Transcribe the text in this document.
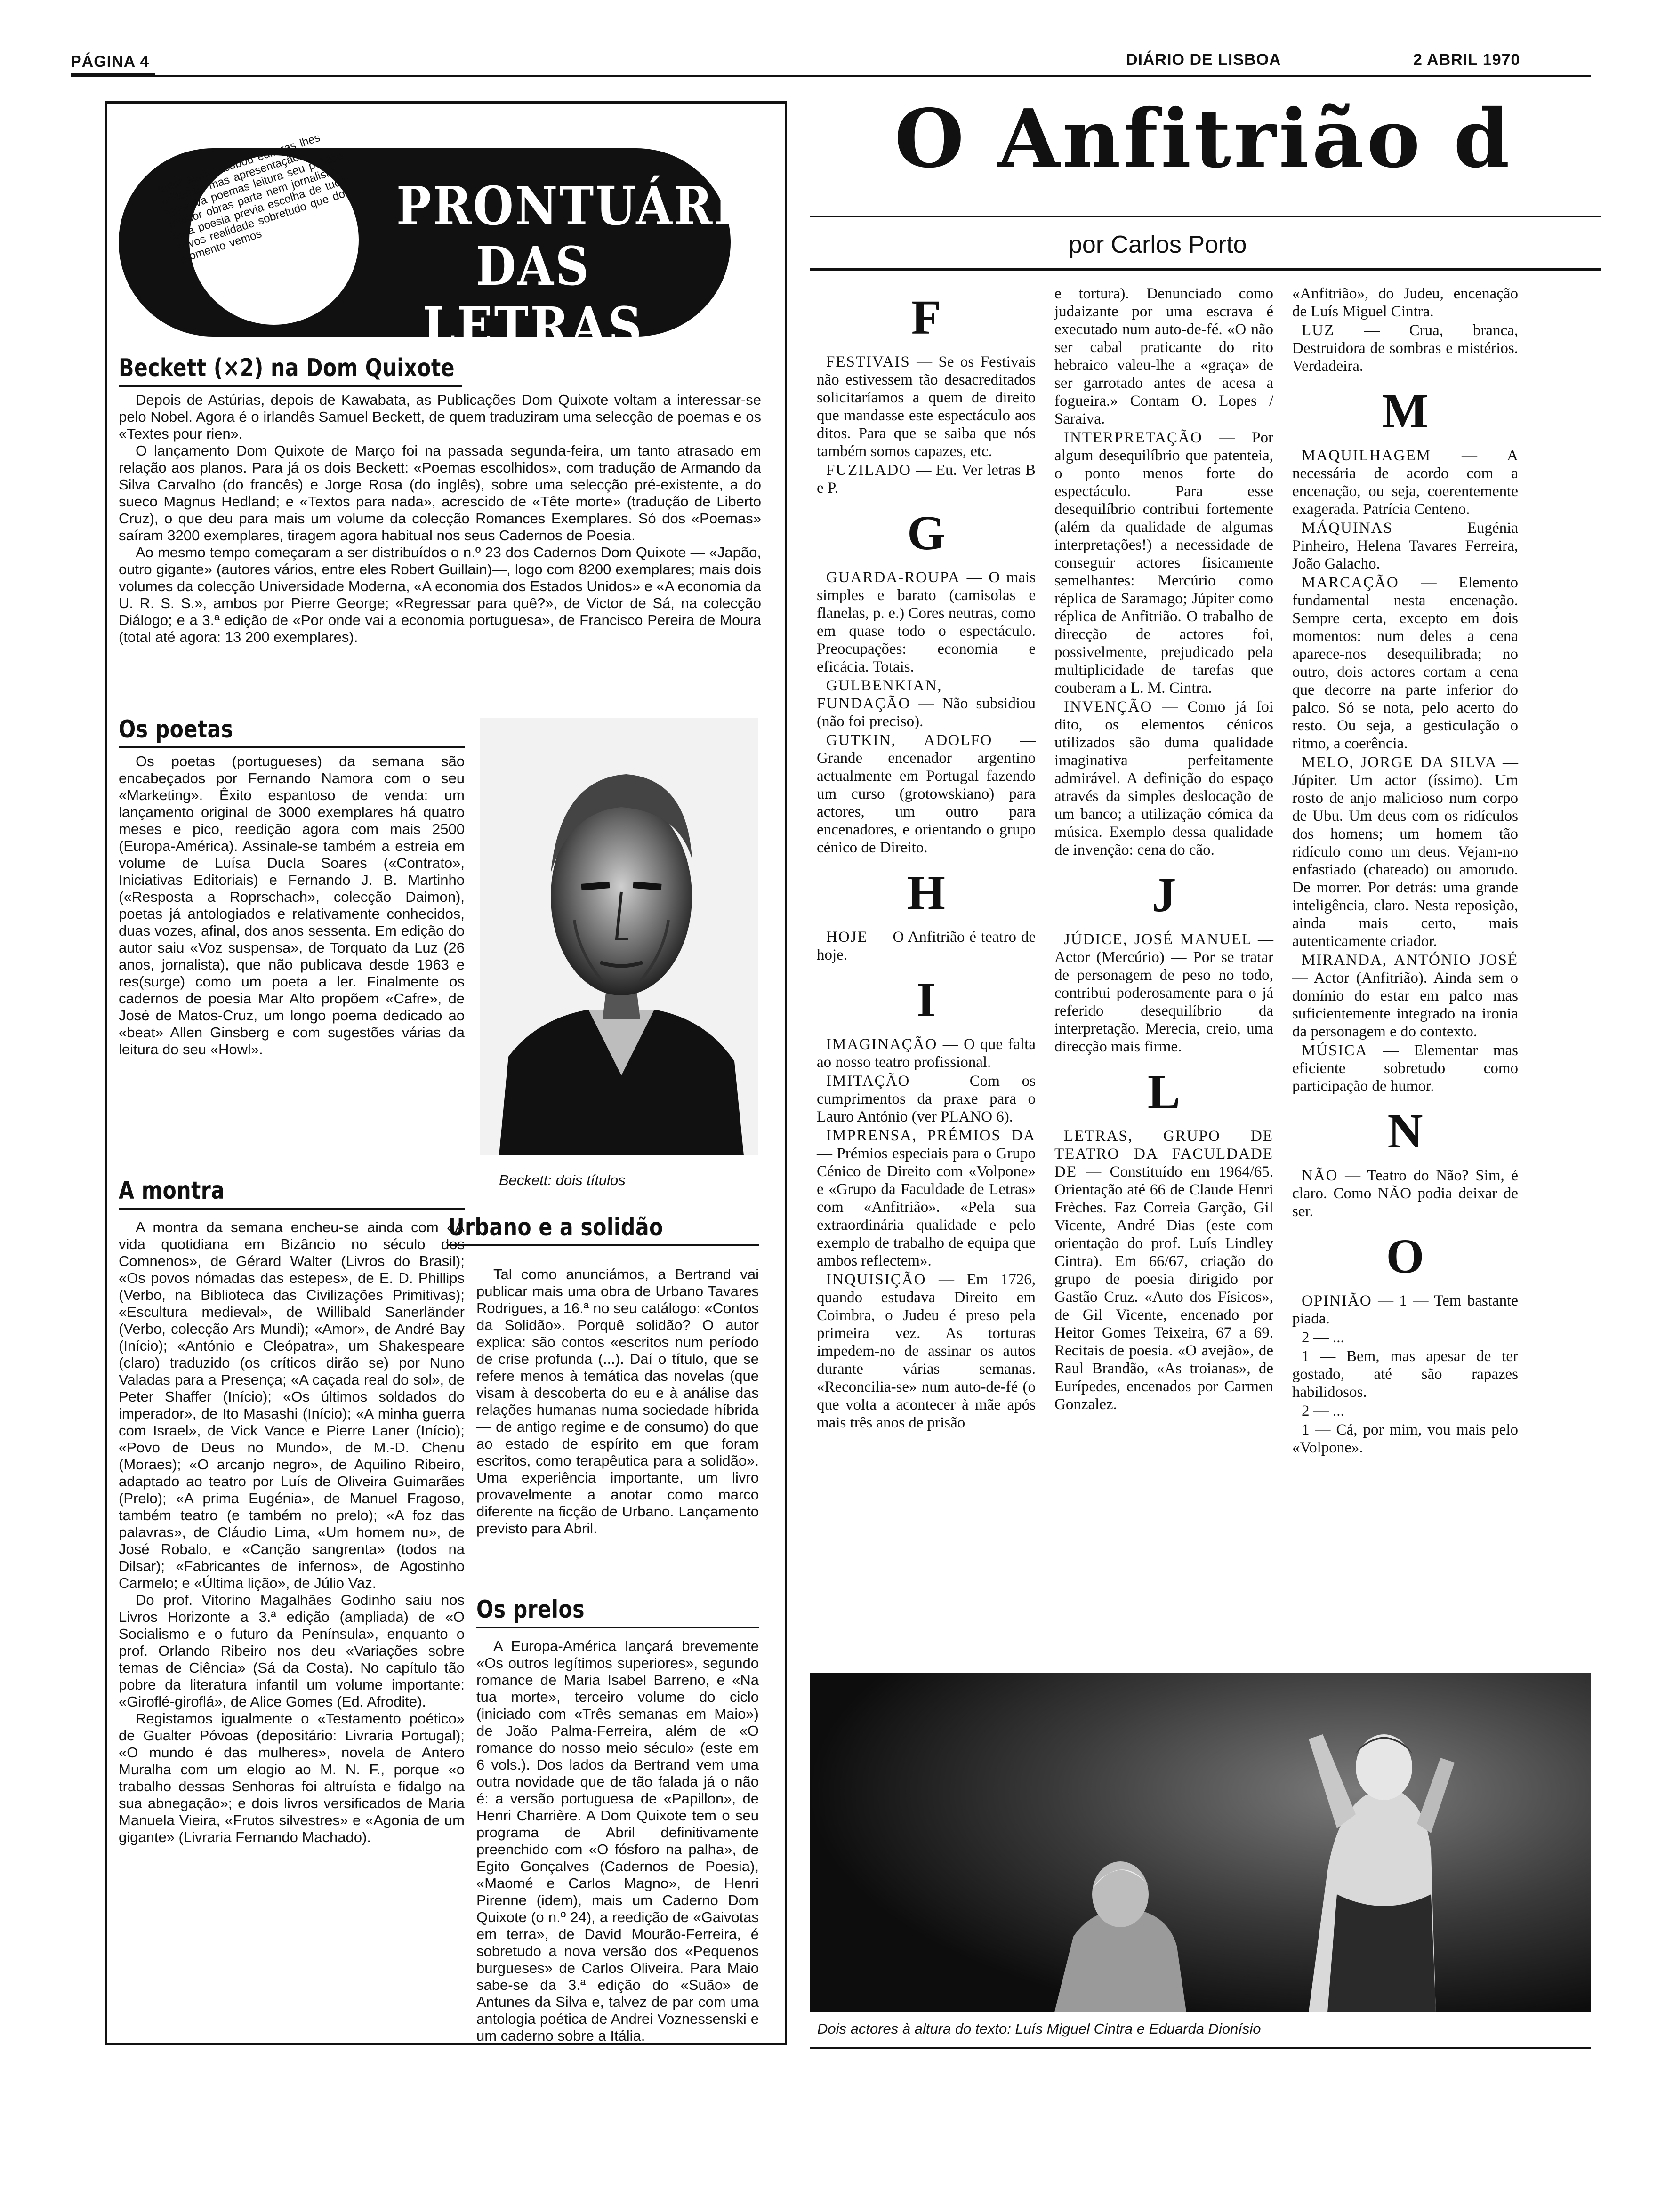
PÁGINA 4	DIÁRIO DE LISBOA	2 ABRIL 1970
autor surge acabou editoras lhes editoriais mas apresentação ignorava poemas leitura seu público melhor obras parte nem jornalistas uma poesia previa escolha de tudo novos realidade sobretudo que do momento vemos
PRONTUÁRIO
DAS LETRAS
Beckett (×2) na Dom Quixote

Depois de Astúrias, depois de Kawabata, as Publicações Dom Quixote voltam a interessar-se pelo Nobel. Agora é o irlandês Samuel Beckett, de quem traduziram uma selecção de poemas e os «Textes pour rien».

O lançamento Dom Quixote de Março foi na passada segunda-feira, um tanto atrasado em relação aos planos. Para já os dois Beckett: «Poemas escolhidos», com tradução de Armando da Silva Carvalho (do francês) e Jorge Rosa (do inglês), sobre uma selecção pré-existente, a do sueco Magnus Hedland; e «Textos para nada», acrescido de «Tête morte» (tradução de Liberto Cruz), o que deu para mais um volume da colecção Romances Exemplares. Só dos «Poemas» saíram 3200 exemplares, tiragem agora habitual nos seus Cadernos de Poesia.

Ao mesmo tempo começaram a ser distribuídos o n.º 23 dos Cadernos Dom Quixote — «Japão, outro gigante» (autores vários, entre eles Robert Guillain)—, logo com 8200 exemplares; mais dois volumes da colecção Universidade Moderna, «A economia dos Estados Unidos» e «A economia da U. R. S. S.», ambos por Pierre George; «Regressar para quê?», de Victor de Sá, na colecção Diálogo; e a 3.ª edição de «Por onde vai a economia portuguesa», de Francisco Pereira de Moura (total até agora: 13 200 exemplares).

Os poetas

Os poetas (portugueses) da semana são encabeçados por Fernando Namora com o seu «Marketing». Êxito espantoso de venda: um lançamento original de 3000 exemplares há quatro meses e pico, reedição agora com mais 2500 (Europa-América). Assinale-se também a estreia em volume de Luísa Ducla Soares («Contrato», Iniciativas Editoriais) e Fernando J. B. Martinho («Resposta a Roprschach», colecção Daimon), poetas já antologiados e relativamente conhecidos, duas vozes, afinal, dos anos sessenta. Em edição do autor saiu «Voz suspensa», de Torquato da Luz (26 anos, jornalista), que não publicava desde 1963 e res(surge) como um poeta a ler. Finalmente os cadernos de poesia Mar Alto propõem «Cafre», de José de Matos-Cruz, um longo poema dedicado ao «beat» Allen Ginsberg e com sugestões várias da leitura do seu «Howl».

Beckett: dois títulos
A montra

A montra da semana encheu-se ainda com «A vida quotidiana em Bizâncio no século dos Comnenos», de Gérard Walter (Livros do Brasil); «Os povos nómadas das estepes», de E. D. Phillips (Verbo, na Biblioteca das Civilizações Primitivas); «Escultura medieval», de Willibald Sanerländer (Verbo, colecção Ars Mundi); «Amor», de André Bay (Início); «António e Cleópatra», um Shakespeare (claro) traduzido (os críticos dirão se) por Nuno Valadas para a Presença; «A caçada real do sol», de Peter Shaffer (Início); «Os últimos soldados do imperador», de Ito Masashi (Início); «A minha guerra com Israel», de Vick Vance e Pierre Laner (Início); «Povo de Deus no Mundo», de M.-D. Chenu (Moraes); «O arcanjo negro», de Aquilino Ribeiro, adaptado ao teatro por Luís de Oliveira Guimarães (Prelo); «A prima Eugénia», de Manuel Fragoso, também teatro (e também no prelo); «A foz das palavras», de Cláudio Lima, «Um homem nu», de José Robalo, e «Canção sangrenta» (todos na Dilsar); «Fabricantes de infernos», de Agostinho Carmelo; e «Última lição», de Júlio Vaz.

Do prof. Vitorino Magalhães Godinho saiu nos Livros Horizonte a 3.ª edição (ampliada) de «O Socialismo e o futuro da Península», enquanto o prof. Orlando Ribeiro nos deu «Variações sobre temas de Ciência» (Sá da Costa). No capítulo tão pobre da literatura infantil um volume importante: «Giroflé-giroflá», de Alice Gomes (Ed. Afrodite).

Registamos igualmente o «Testamento poético» de Gualter Póvoas (depositário: Livraria Portugal); «O mundo é das mulheres», novela de Antero Muralha com um elogio ao M. N. F., porque «o trabalho dessas Senhoras foi altruísta e fidalgo na sua abnegação»; e dois livros versificados de Maria Manuela Vieira, «Frutos silvestres» e «Agonia de um gigante» (Livraria Fernando Machado).

Urbano e a solidão

Tal como anunciámos, a Bertrand vai publicar mais uma obra de Urbano Tavares Rodrigues, a 16.ª no seu catálogo: «Contos da Solidão». Porquê solidão? O autor explica: são contos «escritos num período de crise profunda (...). Daí o título, que se refere menos à temática das novelas (que visam à descoberta do eu e à análise das relações humanas numa sociedade híbrida — de antigo regime e de consumo) do que ao estado de espírito em que foram escritos, como terapêutica para a solidão». Uma experiência importante, um livro provavelmente a anotar como marco diferente na ficção de Urbano. Lançamento previsto para Abril.

Os prelos

A Europa-América lançará brevemente «Os outros legítimos superiores», segundo romance de Maria Isabel Barreno, e «Na tua morte», terceiro volume do ciclo (iniciado com «Três semanas em Maio») de João Palma-Ferreira, além de «O romance do nosso meio século» (este em 6 vols.). Dos lados da Bertrand vem uma outra novidade que de tão falada já o não é: a versão portuguesa de «Papillon», de Henri Charrière. A Dom Quixote tem o seu programa de Abril definitivamente preenchido com «O fósforo na palha», de Egito Gonçalves (Cadernos de Poesia), «Maomé e Carlos Magno», de Henri Pirenne (idem), mais um Caderno Dom Quixote (o n.º 24), a reedição de «Gaivotas em terra», de David Mourão-Ferreira, é sobretudo a nova versão dos «Pequenos burgueses» de Carlos Oliveira. Para Maio sabe-se da 3.ª edição do «Suão» de Antunes da Silva e, talvez de par com uma antologia poética de Andrei Voznessenski e um caderno sobre a Itália.

O Anfitrião d
por Carlos Porto
F

FESTIVAIS — Se os Festivais não estivessem tão desacreditados solicitaríamos a quem de direito que mandasse este espectáculo aos ditos. Para que se saiba que nós também somos capazes, etc.

FUZILADO — Eu. Ver letras B e P.

G

GUARDA-ROUPA — O mais simples e barato (camisolas e flanelas, p. e.) Cores neutras, como em quase todo o espectáculo. Preocupações: economia e eficácia. Totais.

GULBENKIAN, FUNDAÇÃO — Não subsidiou (não foi preciso).

GUTKIN, ADOLFO — Grande encenador argentino actualmente em Portugal fazendo um curso (grotowskiano) para actores, um outro para encenadores, e orientando o grupo cénico de Direito.

H

HOJE — O Anfitrião é teatro de hoje.

I

IMAGINAÇÃO — O que falta ao nosso teatro profissional.

IMITAÇÃO — Com os cumprimentos da praxe para o Lauro António (ver PLANO 6).

IMPRENSA, PRÉMIOS DA — Prémios especiais para o Grupo Cénico de Direito com «Volpone» e «Grupo da Faculdade de Letras» com «Anfitrião». «Pela sua extraordinária qualidade e pelo exemplo de trabalho de equipa que ambos reflectem».

INQUISIÇÃO — Em 1726, quando estudava Direito em Coimbra, o Judeu é preso pela primeira vez. As torturas impedem-no de assinar os autos durante várias semanas. «Reconcilia-se» num auto-de-fé (o que volta a acontecer à mãe após mais três anos de prisão

e tortura). Denunciado como judaizante por uma escrava é executado num auto-de-fé. «O não ser cabal praticante do rito hebraico valeu-lhe a «graça» de ser garrotado antes de acesa a fogueira.» Contam O. Lopes / Saraiva.

INTERPRETAÇÃO — Por algum desequilíbrio que patenteia, o ponto menos forte do espectáculo. Para esse desequilíbrio contribui fortemente (além da qualidade de algumas interpretações!) a necessidade de conseguir actores fisicamente semelhantes: Mercúrio como réplica de Saramago; Júpiter como réplica de Anfitrião. O trabalho de direcção de actores foi, possivelmente, prejudicado pela multiplicidade de tarefas que couberam a L. M. Cintra.

INVENÇÃO — Como já foi dito, os elementos cénicos utilizados são duma qualidade imaginativa perfeitamente admirável. A definição do espaço através da simples deslocação de um banco; a utilização cómica da música. Exemplo dessa qualidade de invenção: cena do cão.

J

JÚDICE, JOSÉ MANUEL — Actor (Mercúrio) — Por se tratar de personagem de peso no todo, contribui poderosamente para o já referido desequilíbrio da interpretação. Merecia, creio, uma direcção mais firme.

L

LETRAS, GRUPO DE TEATRO DA FACULDADE DE — Constituído em 1964/65. Orientação até 66 de Claude Henri Frèches. Faz Correia Garção, Gil Vicente, André Dias (este com orientação do prof. Luís Lindley Cintra). Em 66/67, criação do grupo de poesia dirigido por Gastão Cruz. «Auto dos Físicos», de Gil Vicente, encenado por Heitor Gomes Teixeira, 67 a 69. Recitais de poesia. «O avejão», de Raul Brandão, «As troianas», de Eurípedes, encenados por Carmen Gonzalez.

«Anfitrião», do Judeu, encenação de Luís Miguel Cintra.

LUZ — Crua, branca, Destruidora de sombras e mistérios. Verdadeira.

M

MAQUILHAGEM — A necessária de acordo com a encenação, ou seja, coerentemente exagerada. Patrícia Centeno.

MÁQUINAS — Eugénia Pinheiro, Helena Tavares Ferreira, João Galacho.

MARCAÇÃO — Elemento fundamental nesta encenação. Sempre certa, excepto em dois momentos: num deles a cena aparece-nos desequilibrada; no outro, dois actores cortam a cena que decorre na parte inferior do palco. Só se nota, pelo acerto do resto. Ou seja, a gesticulação o ritmo, a coerência.

MELO, JORGE DA SILVA — Júpiter. Um actor (íssimo). Um rosto de anjo malicioso num corpo de Ubu. Um deus com os ridículos dos homens; um homem tão ridículo como um deus. Vejam-no enfastiado (chateado) ou amorudo. De morrer. Por detrás: uma grande inteligência, claro. Nesta reposição, ainda mais certo, mais autenticamente criador.

MIRANDA, ANTÓNIO JOSÉ — Actor (Anfitrião). Ainda sem o domínio do estar em palco mas suficientemente integrado na ironia da personagem e do contexto.

MÚSICA — Elementar mas eficiente sobretudo como participação de humor.

N

NÃO — Teatro do Não? Sim, é claro. Como NÃO podia deixar de ser.

O

OPINIÃO — 1 — Tem bastante piada.

2 — ...

1 — Bem, mas apesar de ter gostado, até são rapazes habilidosos.

2 — ...

1 — Cá, por mim, vou mais pelo «Volpone».

Dois actores à altura do texto: Luís Miguel Cintra e Eduarda Dionísio
